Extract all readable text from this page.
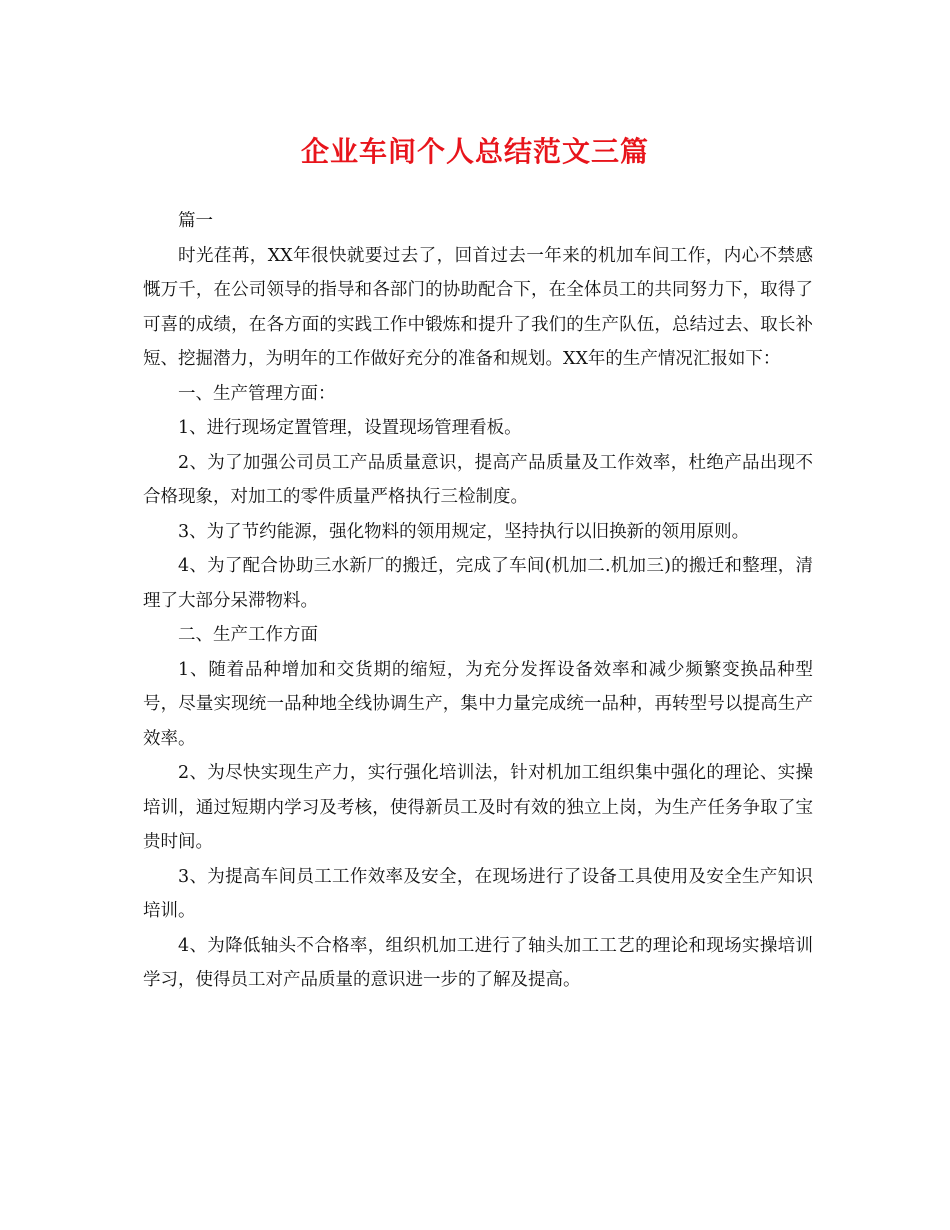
企业车间个人总结范文三篇

篇一

时光荏苒，XX年很快就要过去了，回首过去一年来的机加车间工作，内心不禁感慨万千，在公司领导的指导和各部门的协助配合下，在全体员工的共同努力下，取得了可喜的成绩，在各方面的实践工作中锻炼和提升了我们的生产队伍，总结过去、取长补短、挖掘潜力，为明年的工作做好充分的准备和规划。XX年的生产情况汇报如下：

一、生产管理方面：

1、进行现场定置管理，设置现场管理看板。

2、为了加强公司员工产品质量意识，提高产品质量及工作效率，杜绝产品出现不合格现象，对加工的零件质量严格执行三检制度。

3、为了节约能源，强化物料的领用规定，坚持执行以旧换新的领用原则。

4、为了配合协助三水新厂的搬迁，完成了车间(机加二.机加三)的搬迁和整理，清理了大部分呆滞物料。

二、生产工作方面

1、随着品种增加和交货期的缩短，为充分发挥设备效率和减少频繁变换品种型号，尽量实现统一品种地全线协调生产，集中力量完成统一品种，再转型号以提高生产效率。

2、为尽快实现生产力，实行强化培训法，针对机加工组织集中强化的理论、实操培训，通过短期内学习及考核，使得新员工及时有效的独立上岗，为生产任务争取了宝贵时间。

3、为提高车间员工工作效率及安全，在现场进行了设备工具使用及安全生产知识培训。

4、为降低轴头不合格率，组织机加工进行了轴头加工工艺的理论和现场实操培训学习，使得员工对产品质量的意识进一步的了解及提高。
